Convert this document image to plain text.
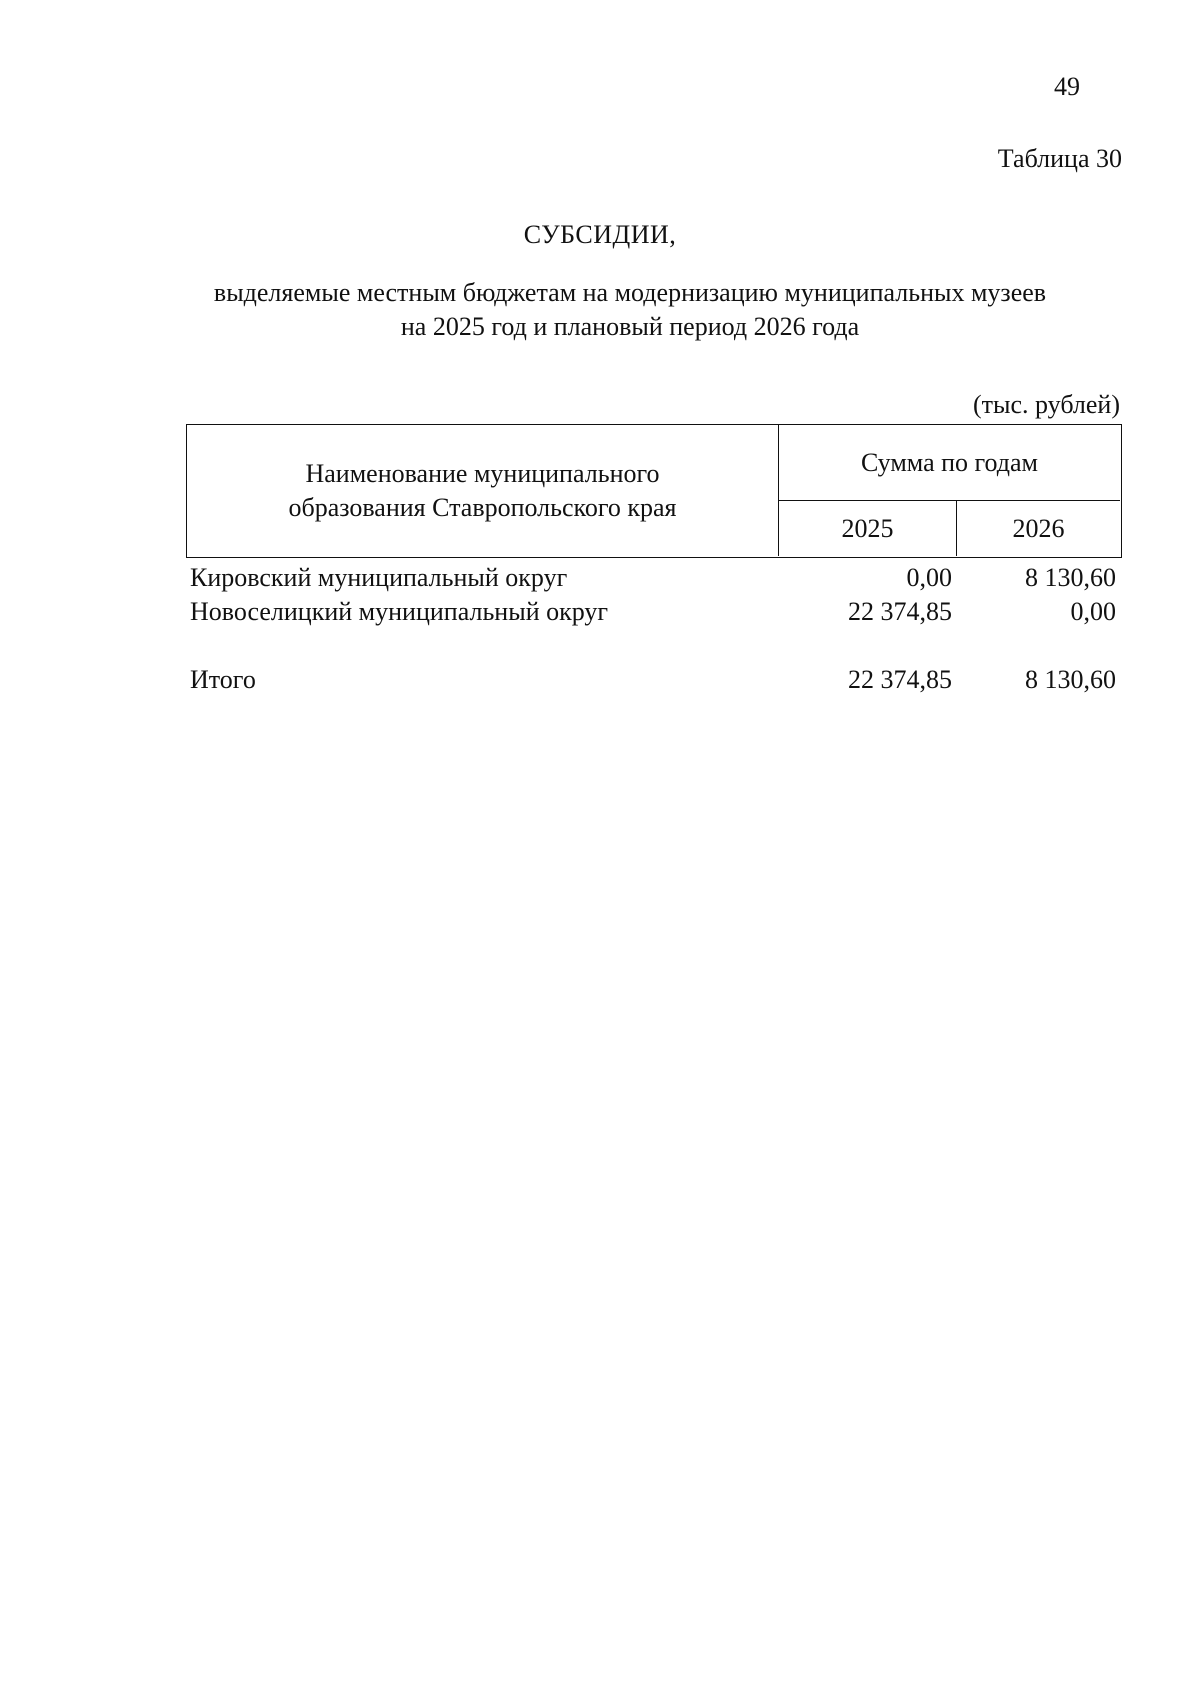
49
Таблица 30
СУБСИДИИ,
выделяемые местным бюджетам на модернизацию муниципальных музеев
на 2025 год и плановый период 2026 года
(тыс. рублей)
Наименование муниципального
образования Ставропольского края
Сумма по годам
2025	2026
Кировский муниципальный округ	0,00	8 130,60
Новоселицкий муниципальный округ	22 374,85	0,00
Итого	22 374,85	8 130,60
